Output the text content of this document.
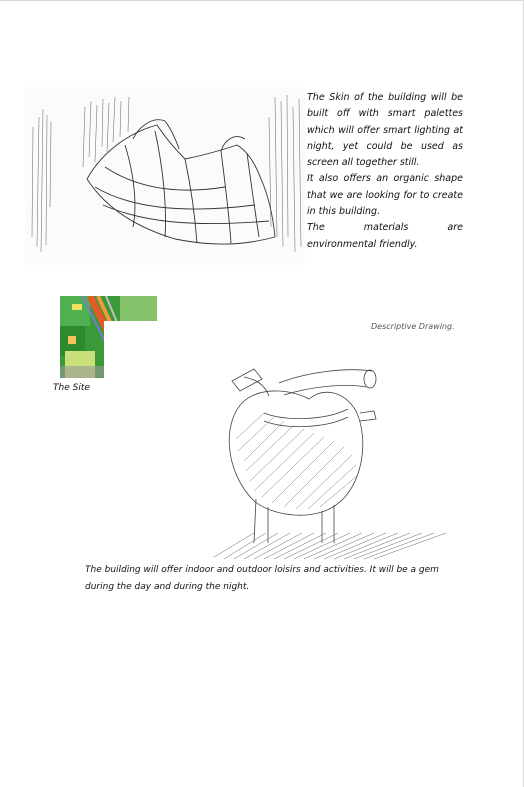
The Skin of the building will be built off with smart palettes which will offer smart lighting at night, yet could be used as screen all together still.

It also offers an organic shape that we are looking for to create in this building.

The materials are environmental friendly.

The Site
Descriptive Drawing.
The building will offer indoor and outdoor loisirs and activities. It will be a gem during the day and during the night.
